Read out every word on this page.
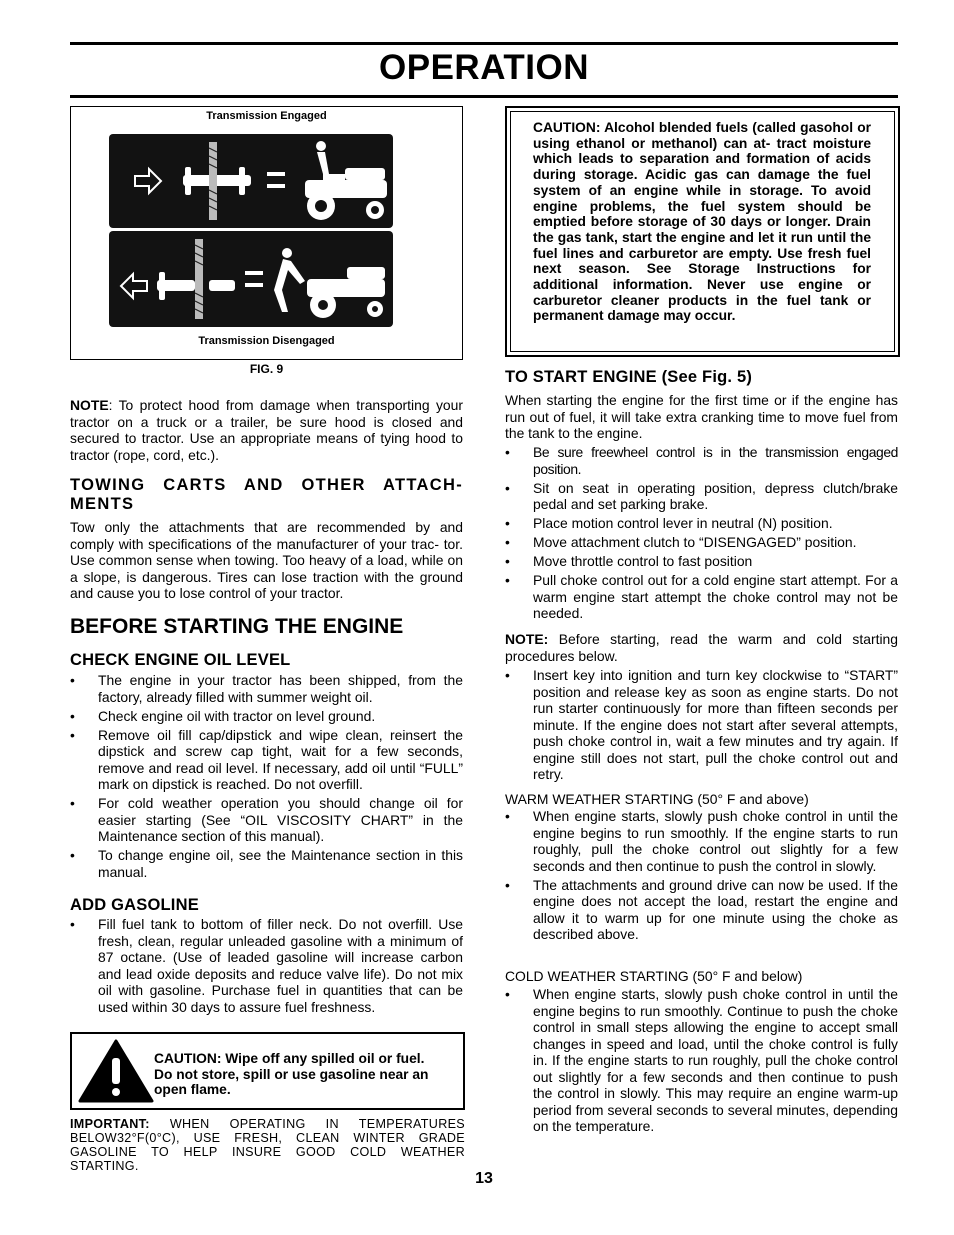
OPERATION
Transmission Engaged
Transmission Disengaged
FIG. 9

NOTE: To protect hood from damage when transporting your tractor on a truck or a trailer, be sure hood is closed and secured to tractor. Use an appropriate means of tying hood to tractor (rope, cord, etc.).

TOWING CARTS AND OTHER ATTACH- MENTS

Tow only the attachments that are recommended by and comply with specifications of the manufacturer of your trac- tor. Use common sense when towing. Too heavy of a load, while on a slope, is dangerous. Tires can lose traction with the ground and cause you to lose control of your tractor.

BEFORE STARTING THE ENGINE
CHECK ENGINE OIL LEVEL
• The engine in your tractor has been shipped, from the factory, already filled with summer weight oil.
• Check engine oil with tractor on level ground.
• Remove oil fill cap/dipstick and wipe clean, reinsert the dipstick and screw cap tight, wait for a few seconds, remove and read oil level. If necessary, add oil until “FULL” mark on dipstick is reached. Do not overfill.
• For cold weather operation you should change oil for easier starting (See “OIL VISCOSITY CHART” in the Maintenance section of this manual).
• To change engine oil, see the Maintenance section in this manual.
ADD GASOLINE
• Fill fuel tank to bottom of filler neck. Do not overfill. Use fresh, clean, regular unleaded gasoline with a minimum of 87 octane. (Use of leaded gasoline will increase carbon and lead oxide deposits and reduce valve life). Do not mix oil with gasoline. Purchase fuel in quantities that can be used within 30 days to assure fuel freshness.

CAUTION: Wipe off any spilled oil or fuel. Do not store, spill or use gasoline near an open flame.

IMPORTANT: WHEN OPERATING IN TEMPERATURES BELOW32°F(0°C), USE FRESH, CLEAN WINTER GRADE GASOLINE TO HELP INSURE GOOD COLD WEATHER STARTING.

CAUTION: Alcohol blended fuels (called gasohol or using ethanol or methanol) can at- tract moisture which leads to separation and formation of acids during storage. Acidic gas can damage the fuel system of an engine while in storage. To avoid engine problems, the fuel system should be emptied before storage of 30 days or longer. Drain the gas tank, start the engine and let it run until the fuel lines and carburetor are empty. Use fresh fuel next season. See Storage Instructions for additional information. Never use engine or carburetor cleaner products in the fuel tank or permanent damage may occur.

TO START ENGINE (See Fig. 5)

When starting the engine for the first time or if the engine has run out of fuel, it will take extra cranking time to move fuel from the tank to the engine.

• Be sure freewheel control is in the transmission engaged position.
• Sit on seat in operating position, depress clutch/brake pedal and set parking brake.
• Place motion control lever in neutral (N) position.
• Move attachment clutch to “DISENGAGED” position.
• Move throttle control to fast position
• Pull choke control out for a cold engine start attempt. For a warm engine start attempt the choke control may not be needed.

NOTE: Before starting, read the warm and cold starting procedures below.

• Insert key into ignition and turn key clockwise to “START” position and release key as soon as engine starts. Do not run starter continuously for more than fifteen seconds per minute. If the engine does not start after several attempts, push choke control in, wait a few minutes and try again. If engine still does not start, pull the choke control out and retry.
WARM WEATHER STARTING (50° F and above)
• When engine starts, slowly push choke control in until the engine begins to run smoothly. If the engine starts to run roughly, pull the choke control out slightly for a few seconds and then continue to push the control in slowly.
• The attachments and ground drive can now be used. If the engine does not accept the load, restart the engine and allow it to warm up for one minute using the choke as described above.
COLD WEATHER STARTING (50° F and below)
• When engine starts, slowly push choke control in until the engine begins to run smoothly. Continue to push the choke control in small steps allowing the engine to accept small changes in speed and load, until the choke control is fully in. If the engine starts to run roughly, pull the choke control out slightly for a few seconds and then continue to push the control in slowly. This may require an engine warm-up period from several seconds to several minutes, depending on the temperature.
13
